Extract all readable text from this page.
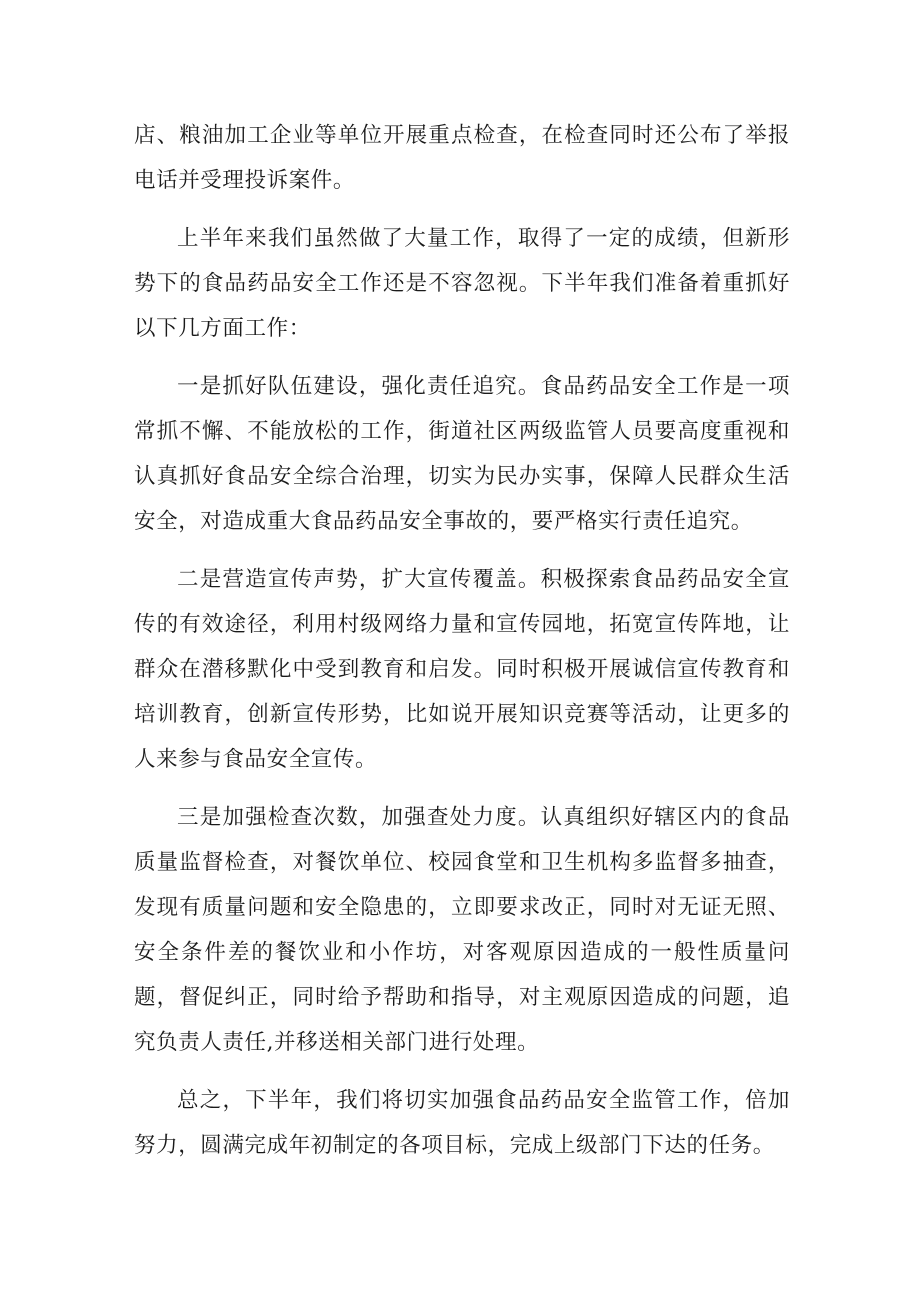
店、粮油加工企业等单位开展重点检查，在检查同时还公布了举报电话并受理投诉案件。

上半年来我们虽然做了大量工作，取得了一定的成绩，但新形势下的食品药品安全工作还是不容忽视。下半年我们准备着重抓好以下几方面工作：

一是抓好队伍建设，强化责任追究。食品药品安全工作是一项常抓不懈、不能放松的工作，街道社区两级监管人员要高度重视和认真抓好食品安全综合治理，切实为民办实事，保障人民群众生活安全，对造成重大食品药品安全事故的，要严格实行责任追究。

二是营造宣传声势，扩大宣传覆盖。积极探索食品药品安全宣传的有效途径，利用村级网络力量和宣传园地，拓宽宣传阵地，让群众在潜移默化中受到教育和启发。同时积极开展诚信宣传教育和培训教育，创新宣传形势，比如说开展知识竞赛等活动，让更多的人来参与食品安全宣传。

三是加强检查次数，加强查处力度。认真组织好辖区内的食品质量监督检查，对餐饮单位、校园食堂和卫生机构多监督多抽查，发现有质量问题和安全隐患的，立即要求改正，同时对无证无照、安全条件差的餐饮业和小作坊，对客观原因造成的一般性质量问题，督促纠正，同时给予帮助和指导，对主观原因造成的问题，追究负责人责任,并移送相关部门进行处理。

总之，下半年，我们将切实加强食品药品安全监管工作，倍加努力，圆满完成年初制定的各项目标，完成上级部门下达的任务。
